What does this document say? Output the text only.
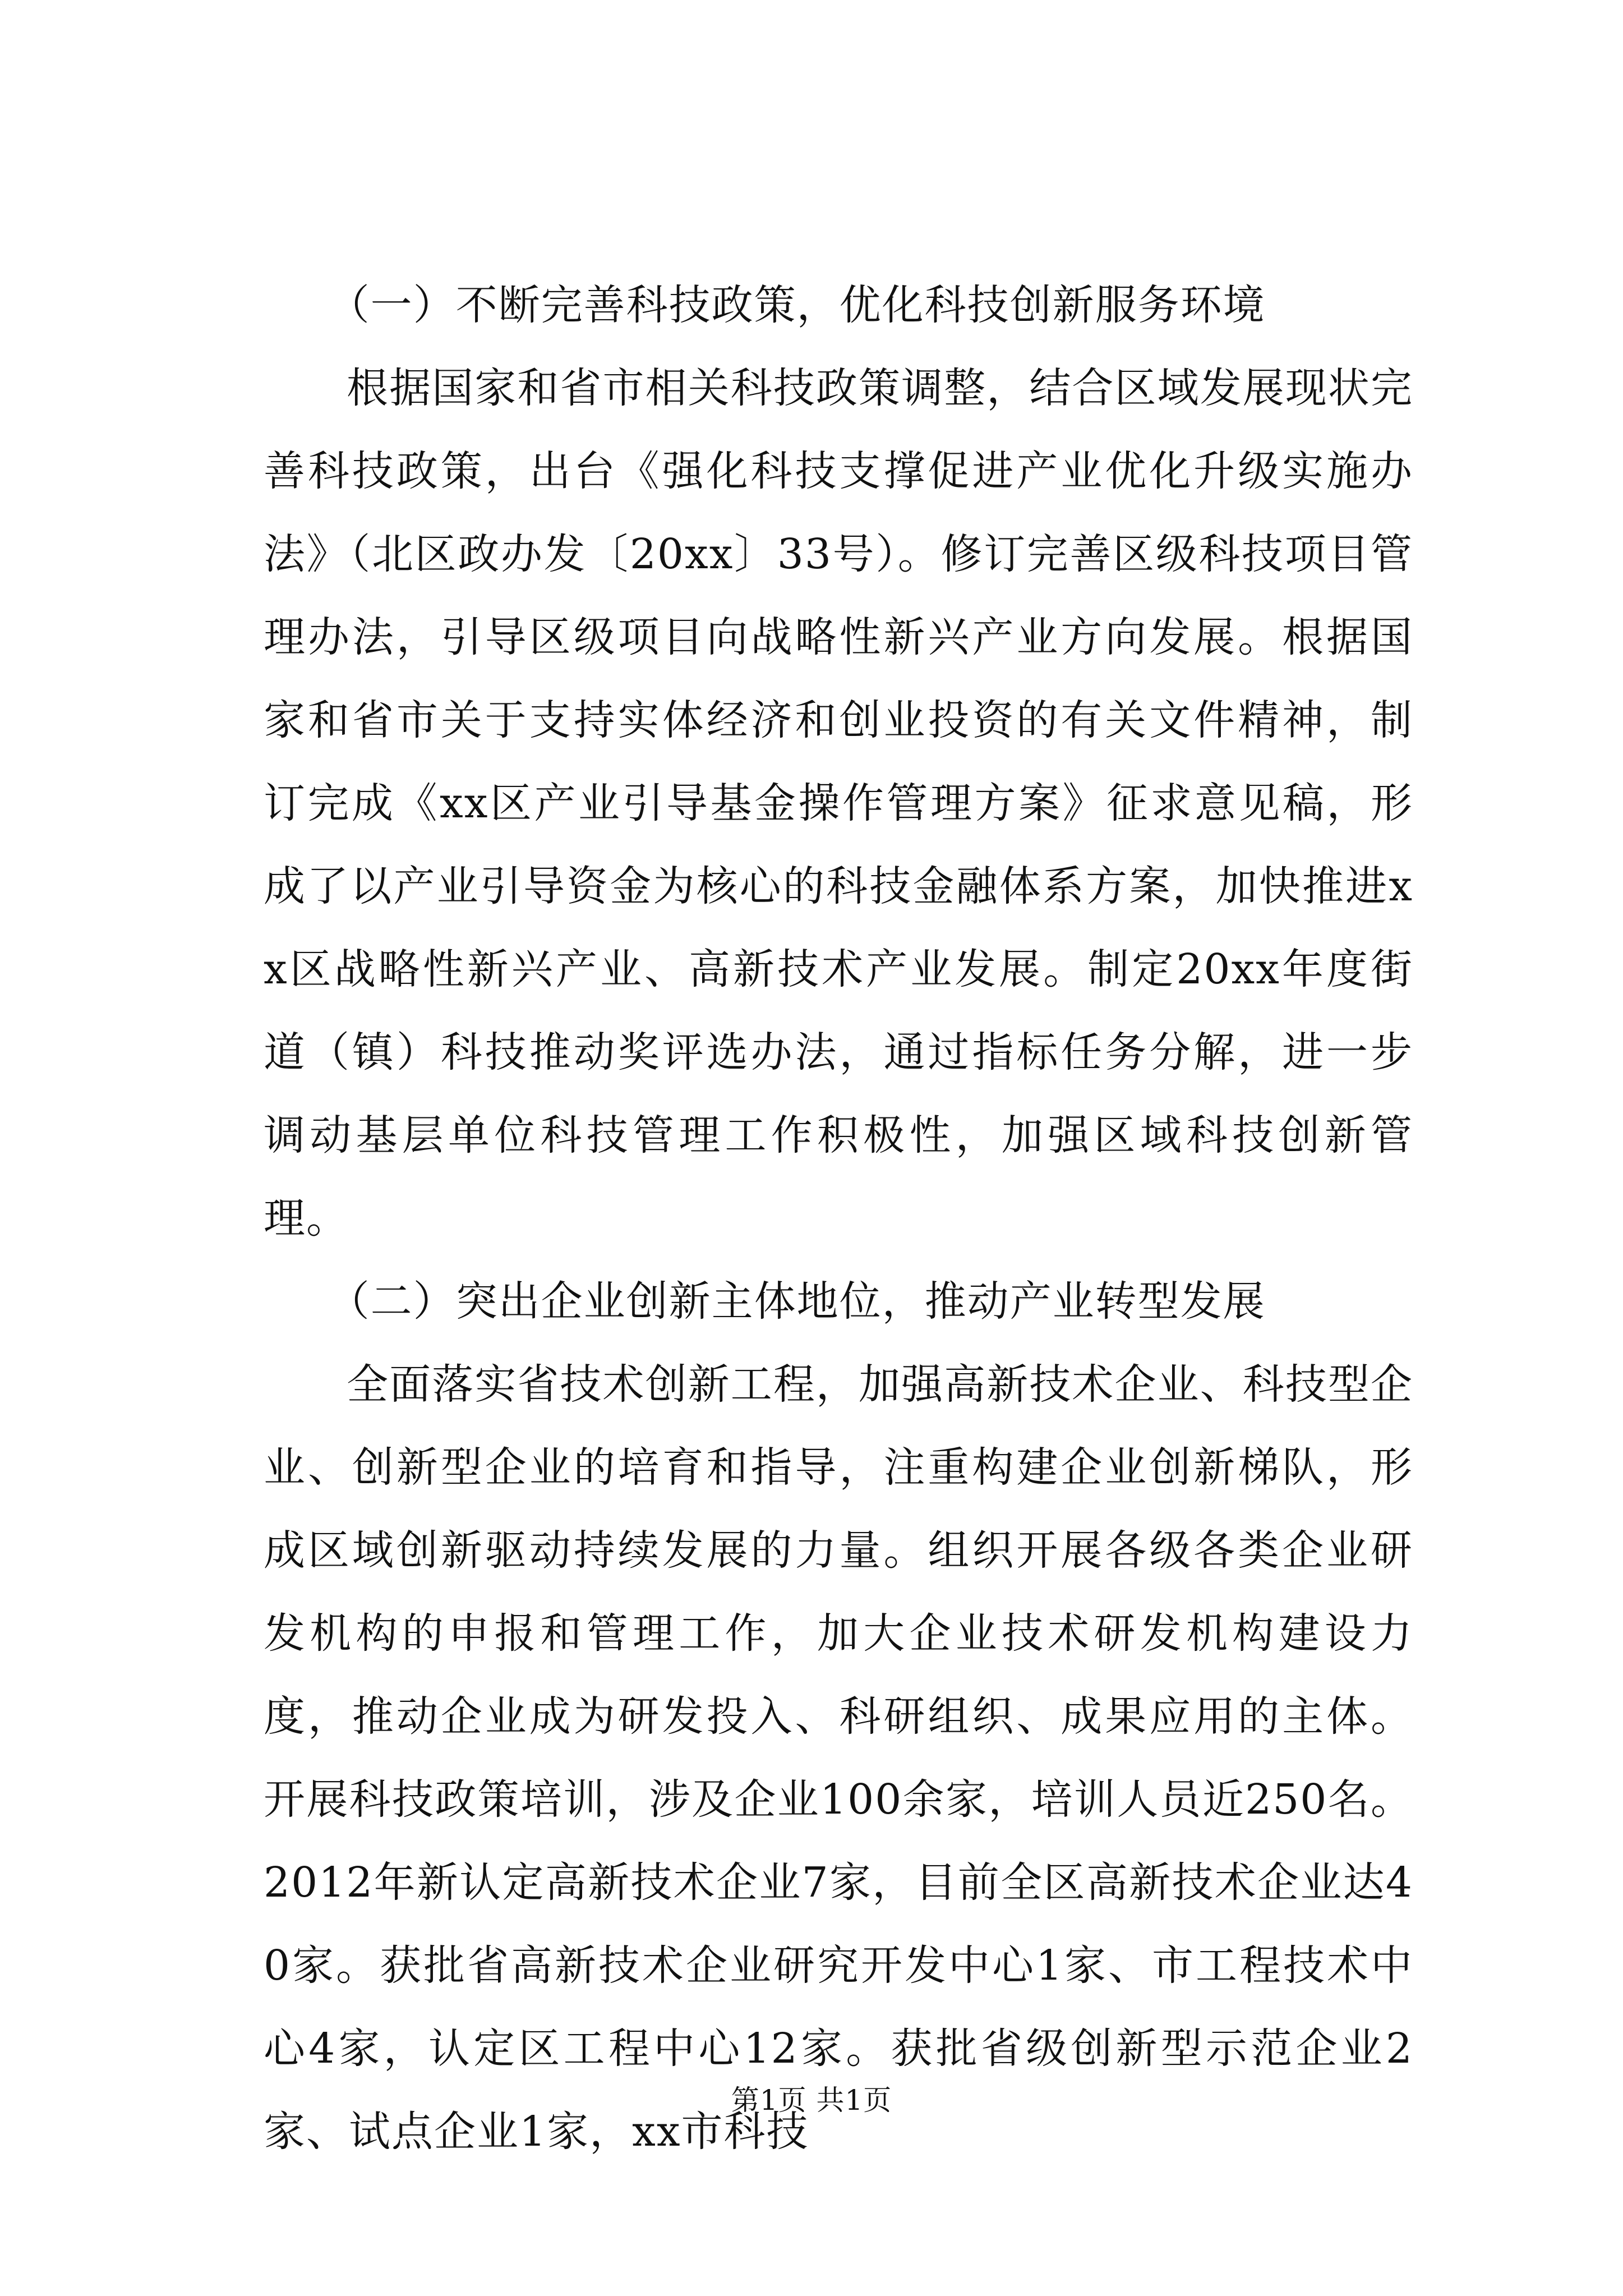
（一）不断完善科技政策，优化科技创新服务环境

根据国家和省市相关科技政策调整，结合区域发展现状完善科技政策，出台《强化科技支撑促进产业优化升级实施办法》（北区政办发〔20xx〕33号）。修订完善区级科技项目管理办法，引导区级项目向战略性新兴产业方向发展。根据国家和省市关于支持实体经济和创业投资的有关文件精神，制订完成《xx区产业引导基金操作管理方案》征求意见稿，形成了以产业引导资金为核心的科技金融体系方案，加快推进xx区战略性新兴产业、高新技术产业发展。制定20xx年度街道（镇）科技推动奖评选办法，通过指标任务分解，进一步调动基层单位科技管理工作积极性，加强区域科技创新管理。

（二）突出企业创新主体地位，推动产业转型发展

全面落实省技术创新工程，加强高新技术企业、科技型企业、创新型企业的培育和指导，注重构建企业创新梯队，形成区域创新驱动持续发展的力量。组织开展各级各类企业研发机构的申报和管理工作，加大企业技术研发机构建设力度，推动企业成为研发投入、科研组织、成果应用的主体。开展科技政策培训，涉及企业100余家，培训人员近250名。2012年新认定高新技术企业7家，目前全区高新技术企业达40家。获批省高新技术企业研究开发中心1家、市工程技术中心4家，认定区工程中心12家。获批省级创新型示范企业2家、试点企业1家，xx市科技

第1页 共1页
